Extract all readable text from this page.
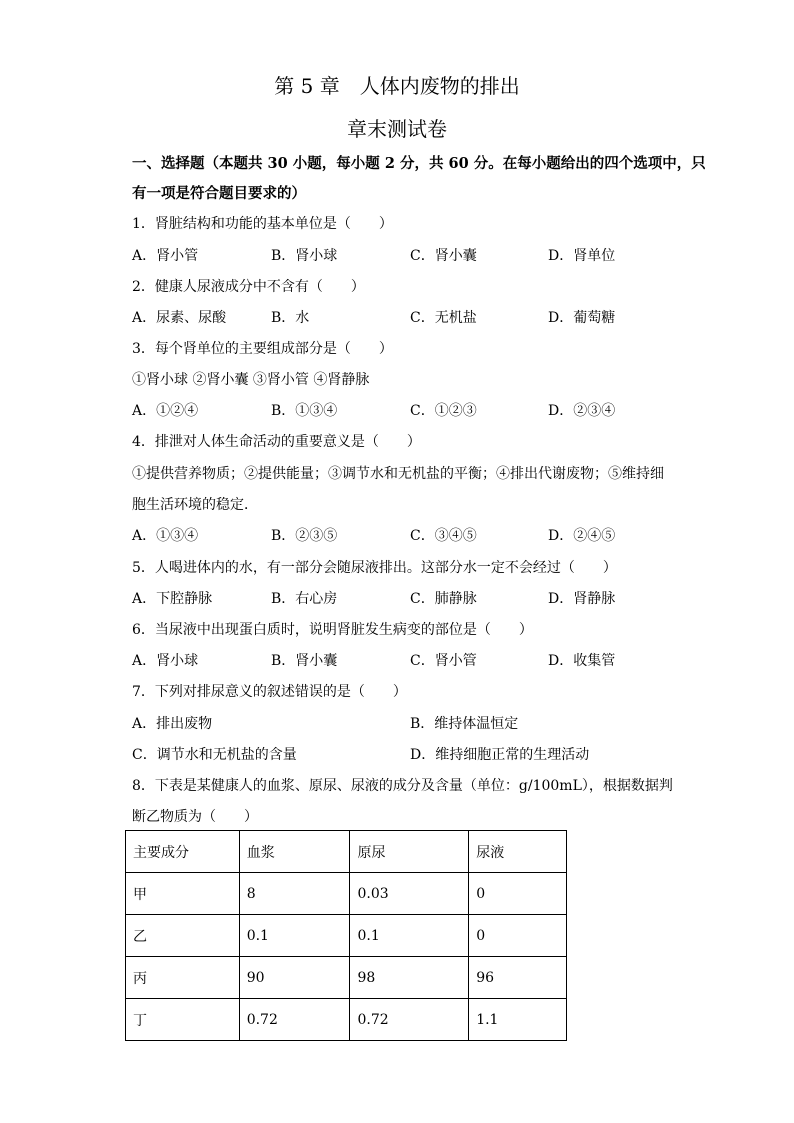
第 5 章　人体内废物的排出
章末测试卷
一、选择题（本题共 30 小题，每小题 2 分，共 60 分。在每小题给出的四个选项中，只
有一项是符合题目要求的）
1．肾脏结构和功能的基本单位是（　　）
A．肾小管	B．肾小球	C．肾小囊	D．肾单位
2．健康人尿液成分中不含有（　　）
A．尿素、尿酸	B．水	C．无机盐	D．葡萄糖
3．每个肾单位的主要组成部分是（　　）
①肾小球 ②肾小囊 ③肾小管 ④肾静脉
A．①②④	B．①③④	C．①②③	D．②③④
4．排泄对人体生命活动的重要意义是（　　）
①提供营养物质；②提供能量；③调节水和无机盐的平衡；④排出代谢废物；⑤维持细
胞生活环境的稳定．
A．①③④	B．②③⑤	C．③④⑤	D．②④⑤
5．人喝进体内的水，有一部分会随尿液排出。这部分水一定不会经过（　　）
A．下腔静脉	B．右心房	C．肺静脉	D．肾静脉
6．当尿液中出现蛋白质时，说明肾脏发生病变的部位是（　　）
A．肾小球	B．肾小囊	C．肾小管	D．收集管
7．下列对排尿意义的叙述错误的是（　　）
A．排出废物	B．维持体温恒定
C．调节水和无机盐的含量	D．维持细胞正常的生理活动
8．下表是某健康人的血浆、原尿、尿液的成分及含量（单位：g/100mL），根据数据判
断乙物质为（　　）
主要成分	血浆	原尿	尿液
甲	8	0.03	0
乙	0.1	0.1	0
丙	90	98	96
丁	0.72	0.72	1.1
